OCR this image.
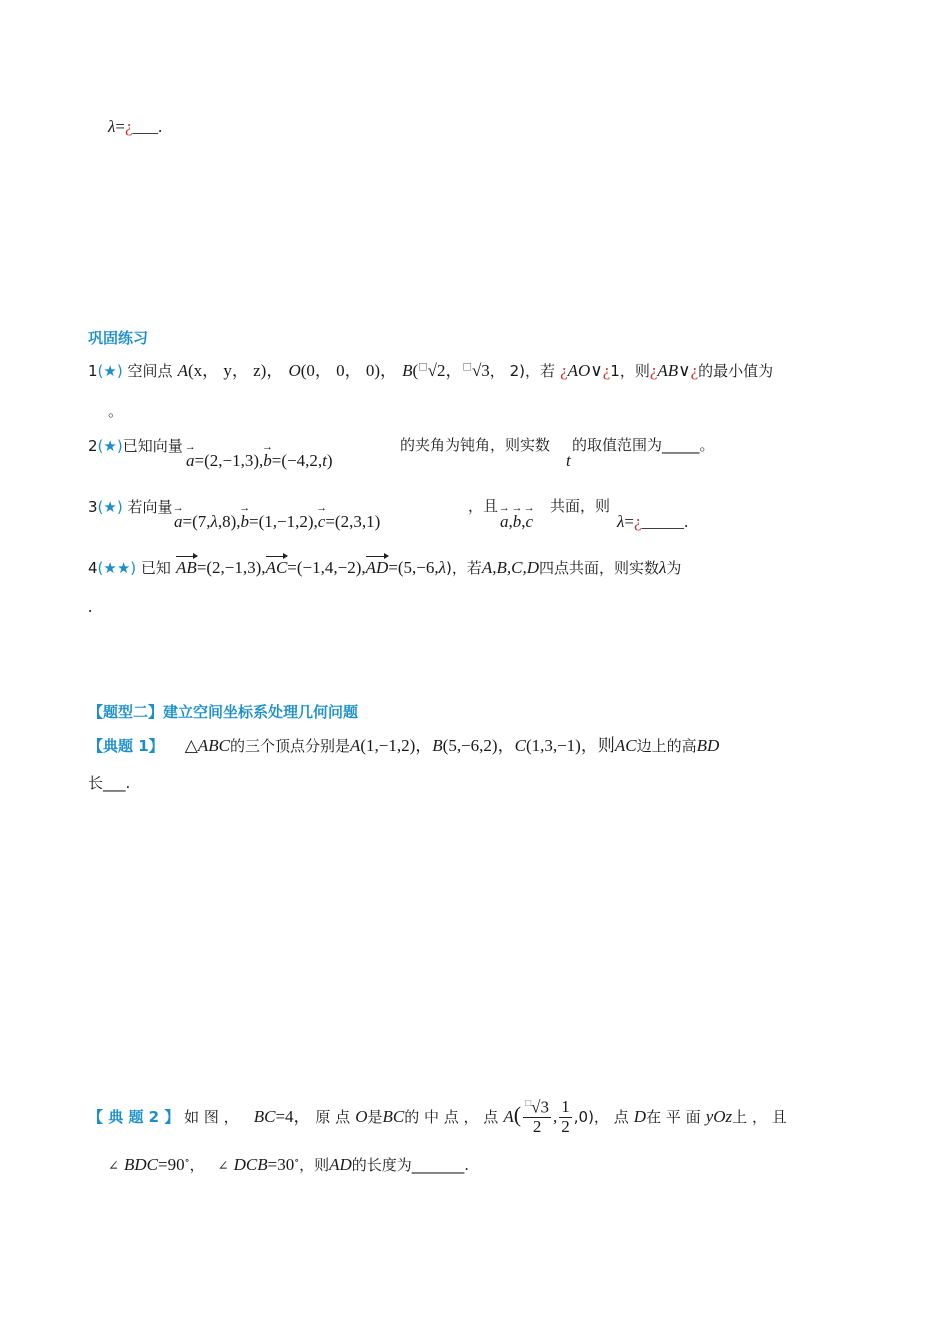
λ=¿___.
巩固练习
1(★) 空间点 A(x， y， z)， O(0， 0， 0)， B(□√2，□√3， 2)，若 ¿AO∨¿1，则¿AB∨¿的最小值为
。
2(★)已知向量
→ a=(2,−1,3),→ b=(−4,2,t)
的夹角为钝角，则实数
t
的取值范围为_____。
3(★) 若向量
→ a=(7,λ,8),→ b=(1,−1,2),→ c=(2,3,1)
，且
→ a,→ b,→ c
共面，则
λ=¿_____.
4(★★) 已知 AB=(2,−1,3),AC=(−1,4,−2),AD=(5,−6,λ)，若A,B,C,D四点共面，则实数λ为
.
【题型二】建立空间坐标系处理几何问题
【典题 1】 △ABC的三个顶点分别是A(1,−1,2)，B(5,−6,2)，C(1,3,−1)，则AC边上的高BD
长___.
【 典 题 2 】 如 图 ， BC=4， 原 点 O是BC的 中 点 ， 点 $A( \frac{^□√3}{2}$ , $\frac{1}{2} ,0$)， 点 D在 平 面 yOz上 ， 且
∠ BDC=90∘， ∠ DCB=30∘，则AD的长度为_______.
